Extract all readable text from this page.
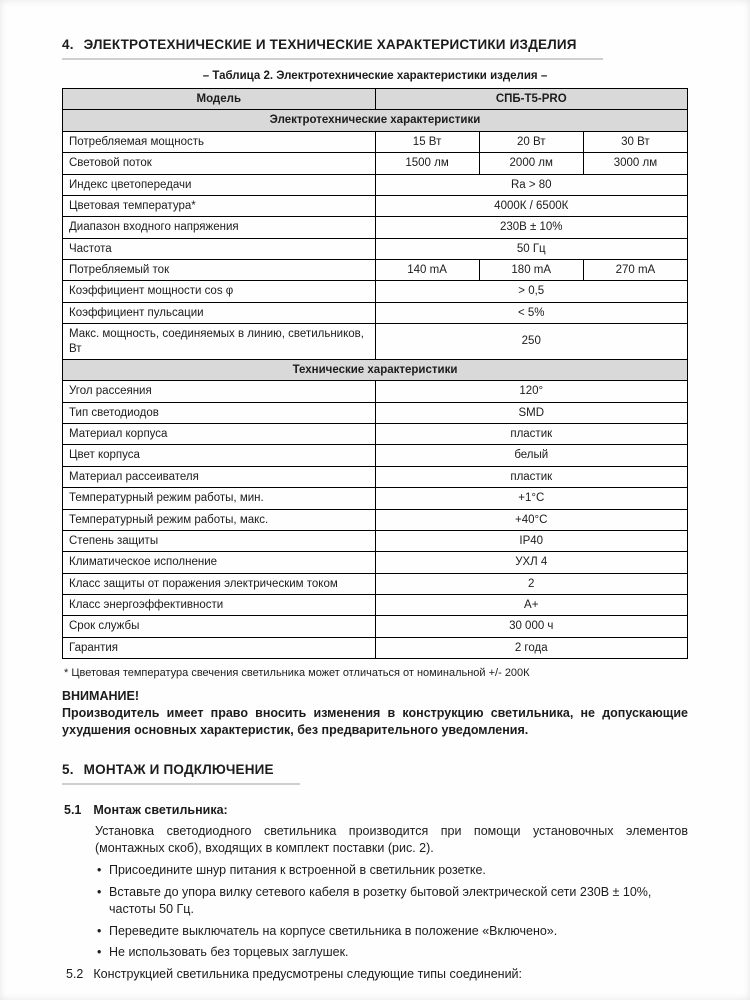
4. ЭЛЕКТРОТЕХНИЧЕСКИЕ И ТЕХНИЧЕСКИЕ ХАРАКТЕРИСТИКИ ИЗДЕЛИЯ
– Таблица 2. Электротехнические характеристики изделия –
Модель	СПБ-Т5-PRO		
Электротехнические характеристики			
Потребляемая мощность	15 Вт	20 Вт	30 Вт
Световой поток	1500 лм	2000 лм	3000 лм
Индекс цветопередачи	Ra > 80		
Цветовая температура*	4000К / 6500К		
Диапазон входного напряжения	230В ± 10%		
Частота	50 Гц		
Потребляемый ток	140 mA	180 mA	270 mA
Коэффициент мощности cos φ	> 0,5		
Коэффициент пульсации	< 5%		
Макс. мощность, соединяемых в линию, светильников, Вт	250		
Технические характеристики			
Угол рассеяния	120°		
Тип светодиодов	SMD		
Материал корпуса	пластик		
Цвет корпуса	белый		
Материал рассеивателя	пластик		
Температурный режим работы, мин.	+1°С		
Температурный режим работы, макс.	+40°С		
Степень защиты	IP40		
Климатическое исполнение	УХЛ 4		
Класс защиты от поражения электрическим током	2		
Класс энергоэффективности	А+		
Срок службы	30 000 ч		
Гарантия	2 года		
* Цветовая температура свечения светильника может отличаться от номинальной +/- 200К
ВНИМАНИЕ!

Производитель имеет право вносить изменения в конструкцию светильника, не допускающие ухудшения основных характеристик, без предварительного уведомления.

5. МОНТАЖ И ПОДКЛЮЧЕНИЕ
5.1 Монтаж светильника:

Установка светодиодного светильника производится при помощи установочных элементов (монтажных скоб), входящих в комплект поставки (рис. 2).

• Присоедините шнур питания к встроенной в светильник розетке.
• Вставьте до упора вилку сетевого кабеля в розетку бытовой электрической сети 230В ± 10%, частоты 50 Гц.
• Переведите выключатель на корпусе светильника в положение «Включено».
• Не использовать без торцевых заглушек.
5.2 Конструкцией светильника предусмотрены следующие типы соединений:
